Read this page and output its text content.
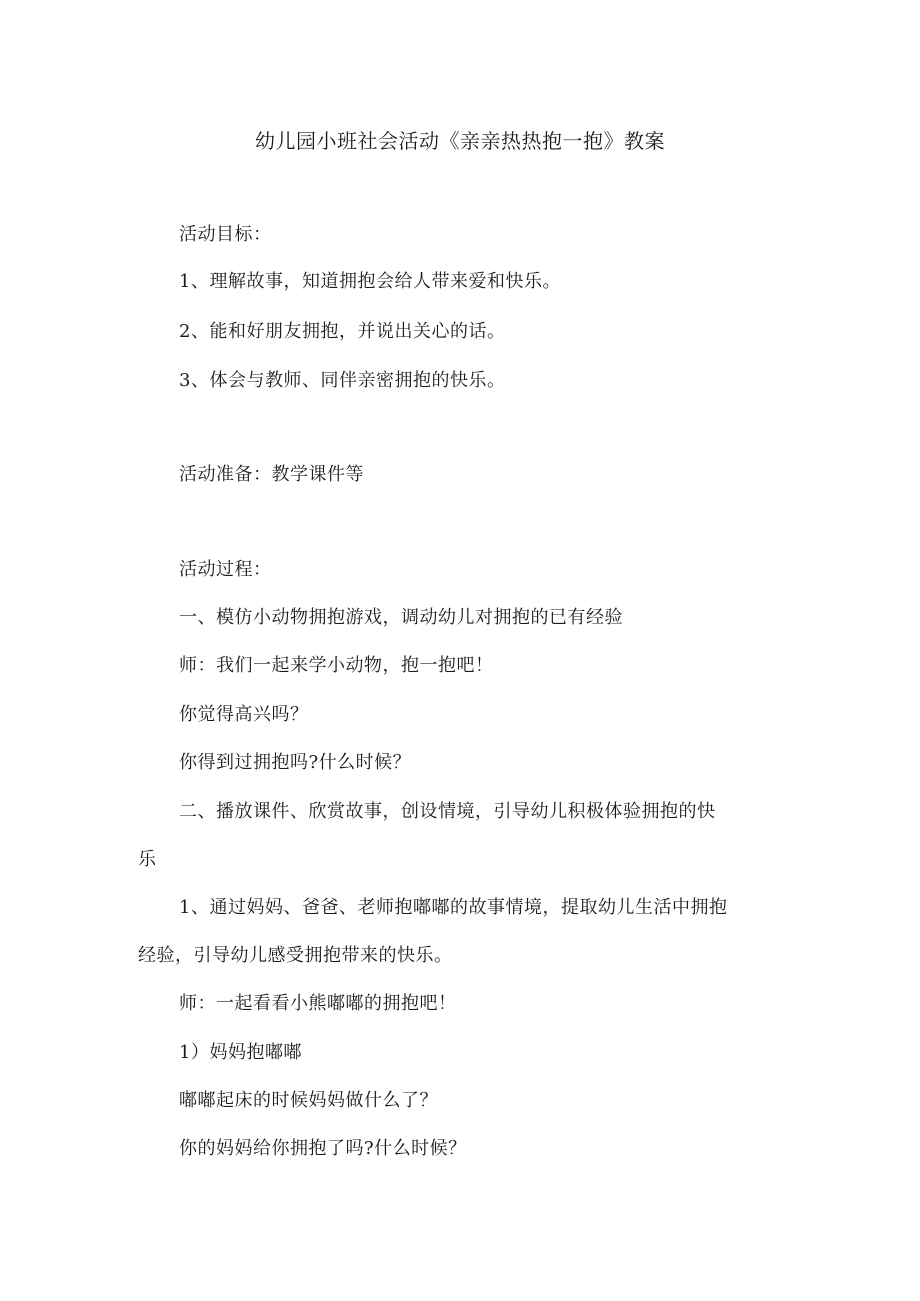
幼儿园小班社会活动《亲亲热热抱一抱》教案
活动目标：
1、理解故事，知道拥抱会给人带来爱和快乐。
2、能和好朋友拥抱，并说出关心的话。
3、体会与教师、同伴亲密拥抱的快乐。
活动准备：教学课件等
活动过程：
一、模仿小动物拥抱游戏，调动幼儿对拥抱的已有经验
师：我们一起来学小动物，抱一抱吧！
你觉得高兴吗？
你得到过拥抱吗?什么时候？
二、播放课件、欣赏故事，创设情境，引导幼儿积极体验拥抱的快
乐
1、通过妈妈、爸爸、老师抱嘟嘟的故事情境，提取幼儿生活中拥抱
经验，引导幼儿感受拥抱带来的快乐。
师：一起看看小熊嘟嘟的拥抱吧！
1）妈妈抱嘟嘟
嘟嘟起床的时候妈妈做什么了？
你的妈妈给你拥抱了吗?什么时候？
